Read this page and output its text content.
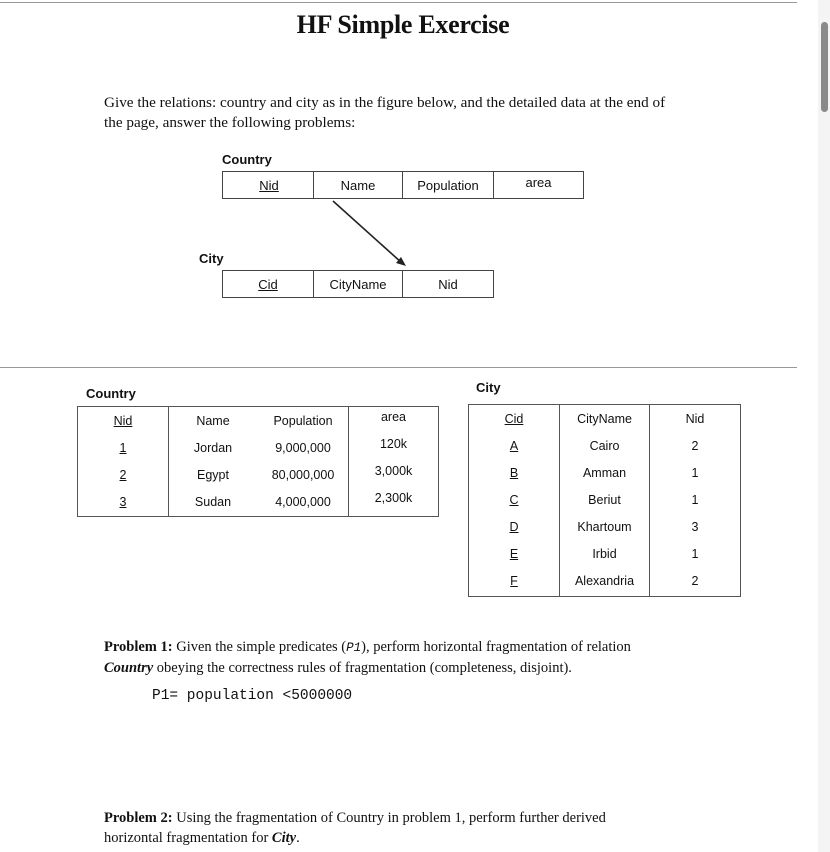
HF Simple Exercise
Give the relations: country and city as in the figure below, and the detailed data at the end of
the page, answer the following problems:
Country
Nid	Name	Population	area
City
Cid	CityName	Nid
Country
Nid	Name	Population	area
1	Jordan	9,000,000	120k
2	Egypt	80,000,000	3,000k
3	Sudan	4,000,000	2,300k
City
Cid	CityName	Nid
A	Cairo	2
B	Amman	1
C	Beriut	1
D	Khartoum	3
E	Irbid	1
F	Alexandria	2
Problem 1: Given the simple predicates (P1), perform horizontal fragmentation of relation
Country obeying the correctness rules of fragmentation (completeness, disjoint).
P1= population <5000000
Problem 2: Using the fragmentation of Country in problem 1, perform further derived
horizontal fragmentation for City.
